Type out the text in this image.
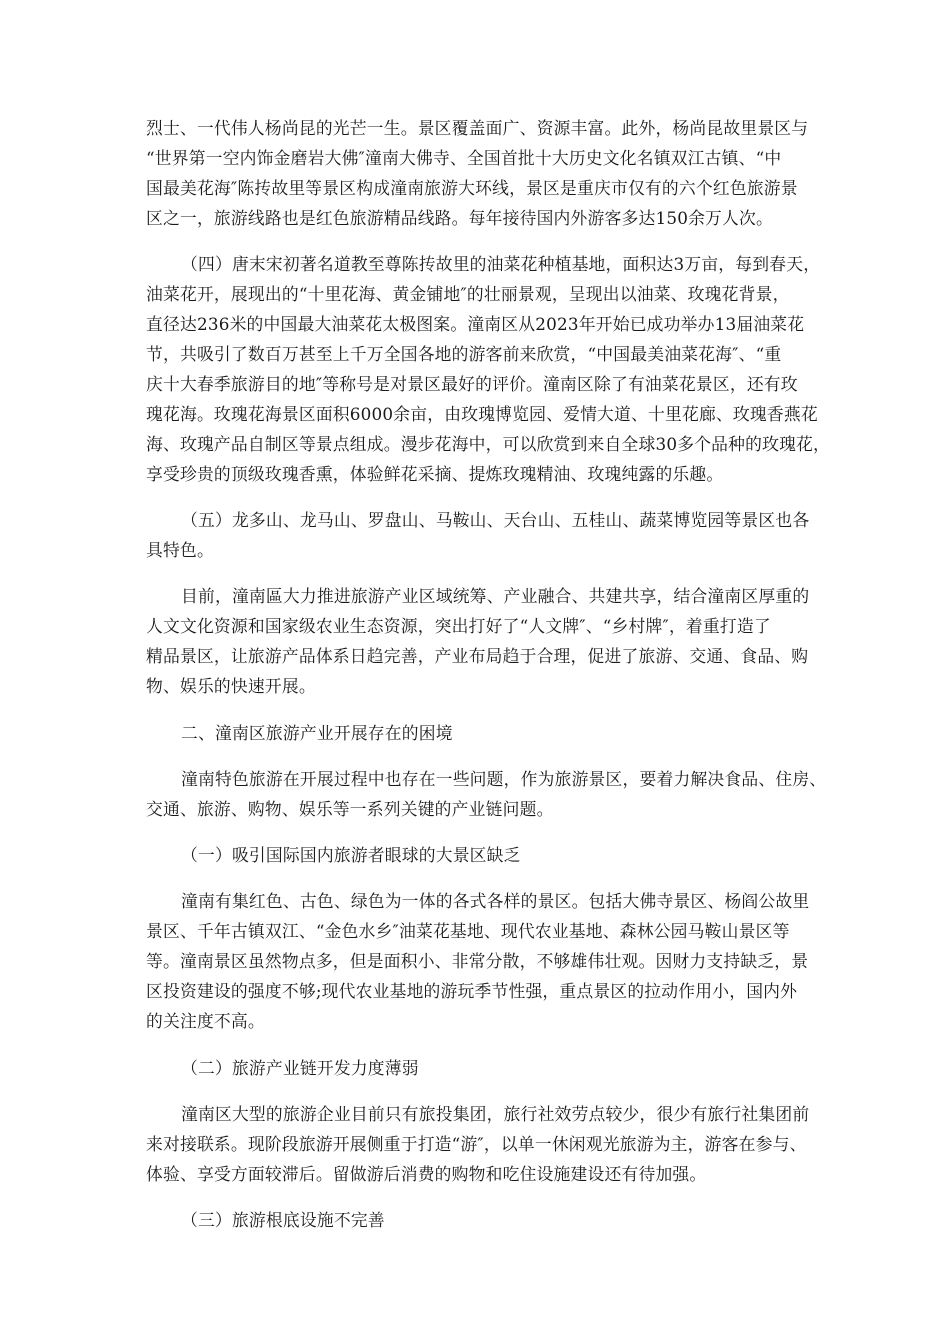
烈士、一代伟人杨尚昆的光芒一生。景区覆盖面广、资源丰富。此外，杨尚昆故里景区与
“世界第一空内饰金磨岩大佛″潼南大佛寺、全国首批十大历史文化名镇双江古镇、“中
国最美花海″陈抟故里等景区构成潼南旅游大环线，景区是重庆市仅有的六个红色旅游景
区之一，旅游线路也是红色旅游精品线路。每年接待国内外游客多达150余万人次。
（四）唐末宋初著名道教至尊陈抟故里的油菜花种植基地，面积达3万亩，每到春天，
油菜花开，展现出的“十里花海、黄金铺地″的壮丽景观，呈现出以油菜、玫瑰花背景，
直径达236米的中国最大油菜花太极图案。潼南区从2023年开始已成功举办13届油菜花
节，共吸引了数百万甚至上千万全国各地的游客前来欣赏，“中国最美油菜花海″、“重
庆十大春季旅游目的地″等称号是对景区最好的评价。潼南区除了有油菜花景区，还有玫
瑰花海。玫瑰花海景区面积6000余亩，由玫瑰博览园、爱情大道、十里花廊、玫瑰香燕花
海、玫瑰产品自制区等景点组成。漫步花海中，可以欣赏到来自全球30多个品种的玫瑰花，
享受珍贵的顶级玫瑰香熏，体验鲜花采摘、提炼玫瑰精油、玫瑰纯露的乐趣。
（五）龙多山、龙马山、罗盘山、马鞍山、天台山、五桂山、蔬菜博览园等景区也各
具特色。
目前，潼南區大力推进旅游产业区域统筹、产业融合、共建共享，结合潼南区厚重的
人文文化资源和国家级农业生态资源，突出打好了“人文牌″、“乡村牌″，着重打造了
精品景区，让旅游产品体系日趋完善，产业布局趋于合理，促进了旅游、交通、食品、购
物、娱乐的快速开展。
二、潼南区旅游产业开展存在的困境
潼南特色旅游在开展过程中也存在一些问题，作为旅游景区，要着力解决食品、住房、
交通、旅游、购物、娱乐等一系列关键的产业链问题。
（一）吸引国际国内旅游者眼球的大景区缺乏
潼南有集红色、古色、绿色为一体的各式各样的景区。包括大佛寺景区、杨阎公故里
景区、千年古镇双江、“金色水乡″油菜花基地、现代农业基地、森林公园马鞍山景区等
等。潼南景区虽然物点多，但是面积小、非常分散，不够雄伟壮观。因财力支持缺乏，景
区投资建设的强度不够;现代农业基地的游玩季节性强，重点景区的拉动作用小，国内外
的关注度不高。
（二）旅游产业链开发力度薄弱
潼南区大型的旅游企业目前只有旅投集团，旅行社效劳点较少，很少有旅行社集团前
来对接联系。现阶段旅游开展侧重于打造“游″，以单一休闲观光旅游为主，游客在参与、
体验、享受方面较滞后。留做游后消费的购物和吃住设施建设还有待加强。
（三）旅游根底设施不完善
